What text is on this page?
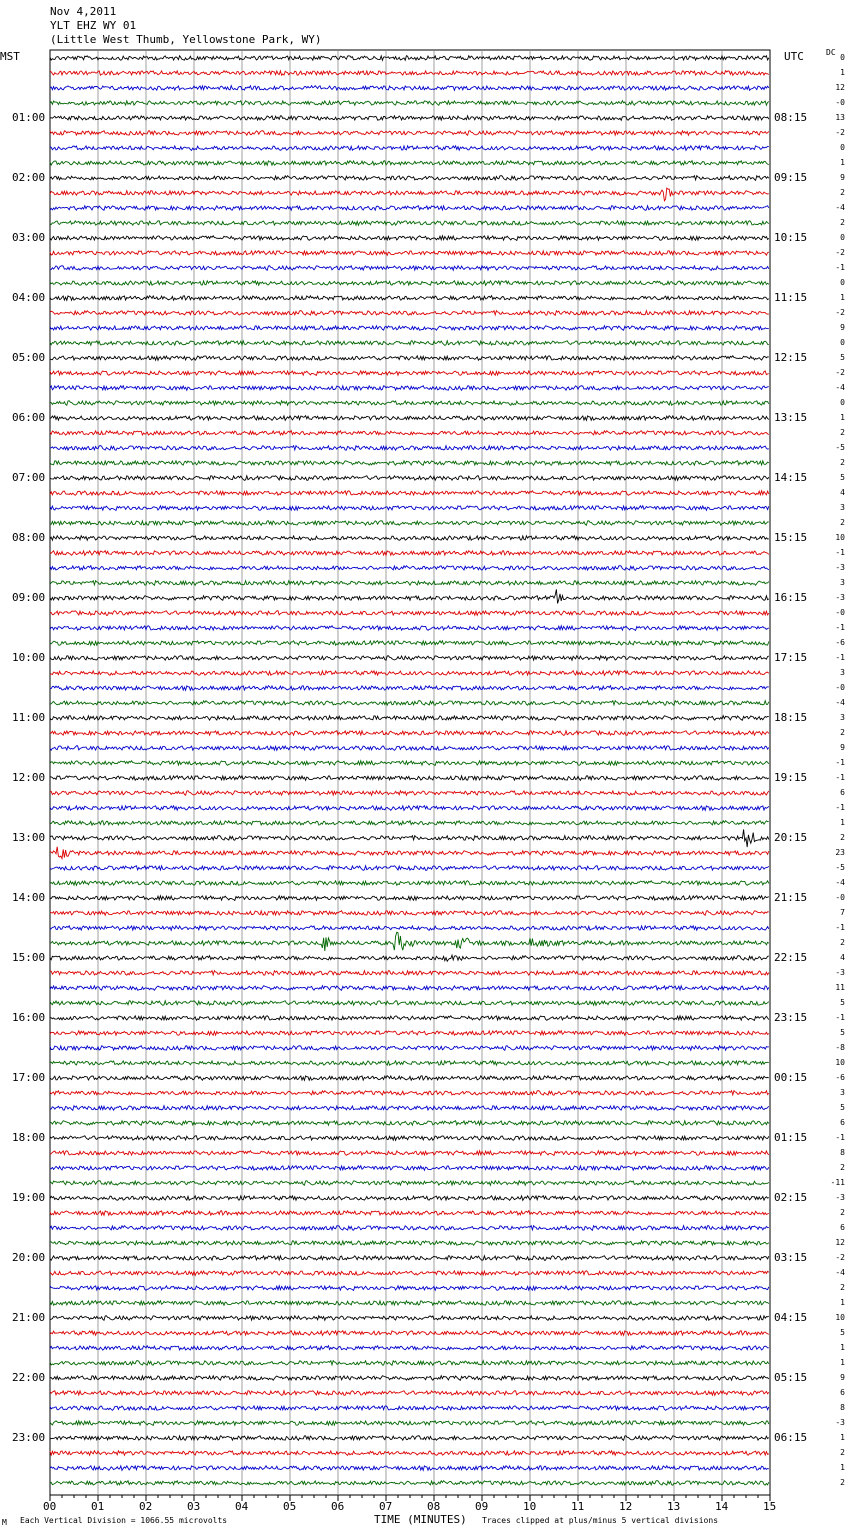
Nov 4,2011
YLT EHZ WY 01
(Little West Thumb, Yellowstone Park, WY)
MST	UTC	DC
01:00
02:00
03:00
04:00
05:00
06:00
07:00
08:00
09:00
10:00
11:00
12:00
13:00
14:00
15:00
16:00
17:00
18:00
19:00
20:00
21:00
22:00
23:00
08:15
09:15
10:15
11:15
12:15
13:15
14:15
15:15
16:15
17:15
18:15
19:15
20:15
21:15
22:15
23:15
00:15
01:15
02:15
03:15
04:15
05:15
06:15
0
1
12
-0
13
-2
0
1
9
2
-4
2
0
-2
-1
0
1
-2
9
0
5
-2
-4
0
1
2
-5
2
5
4
3
2
10
-1
-3
3
-3
-0
-1
-6
-1
3
-0
-4
3
2
9
-1
-1
6
-1
1
2
23
-5
-4
-0
7
-1
2
4
-3
11
5
-1
5
-8
10
-6
3
5
6
-1
8
2
-11
-3
2
6
12
-2
-4
2
1
10
5
1
1
9
6
8
-3
1
2
1
2
00	01	02	03	04	05	06	07	08	09	10	11	12	13	14	15
M Each Vertical Division = 1066.55 microvolts	TIME (MINUTES) Traces clipped at plus/minus 5 vertical divisions
